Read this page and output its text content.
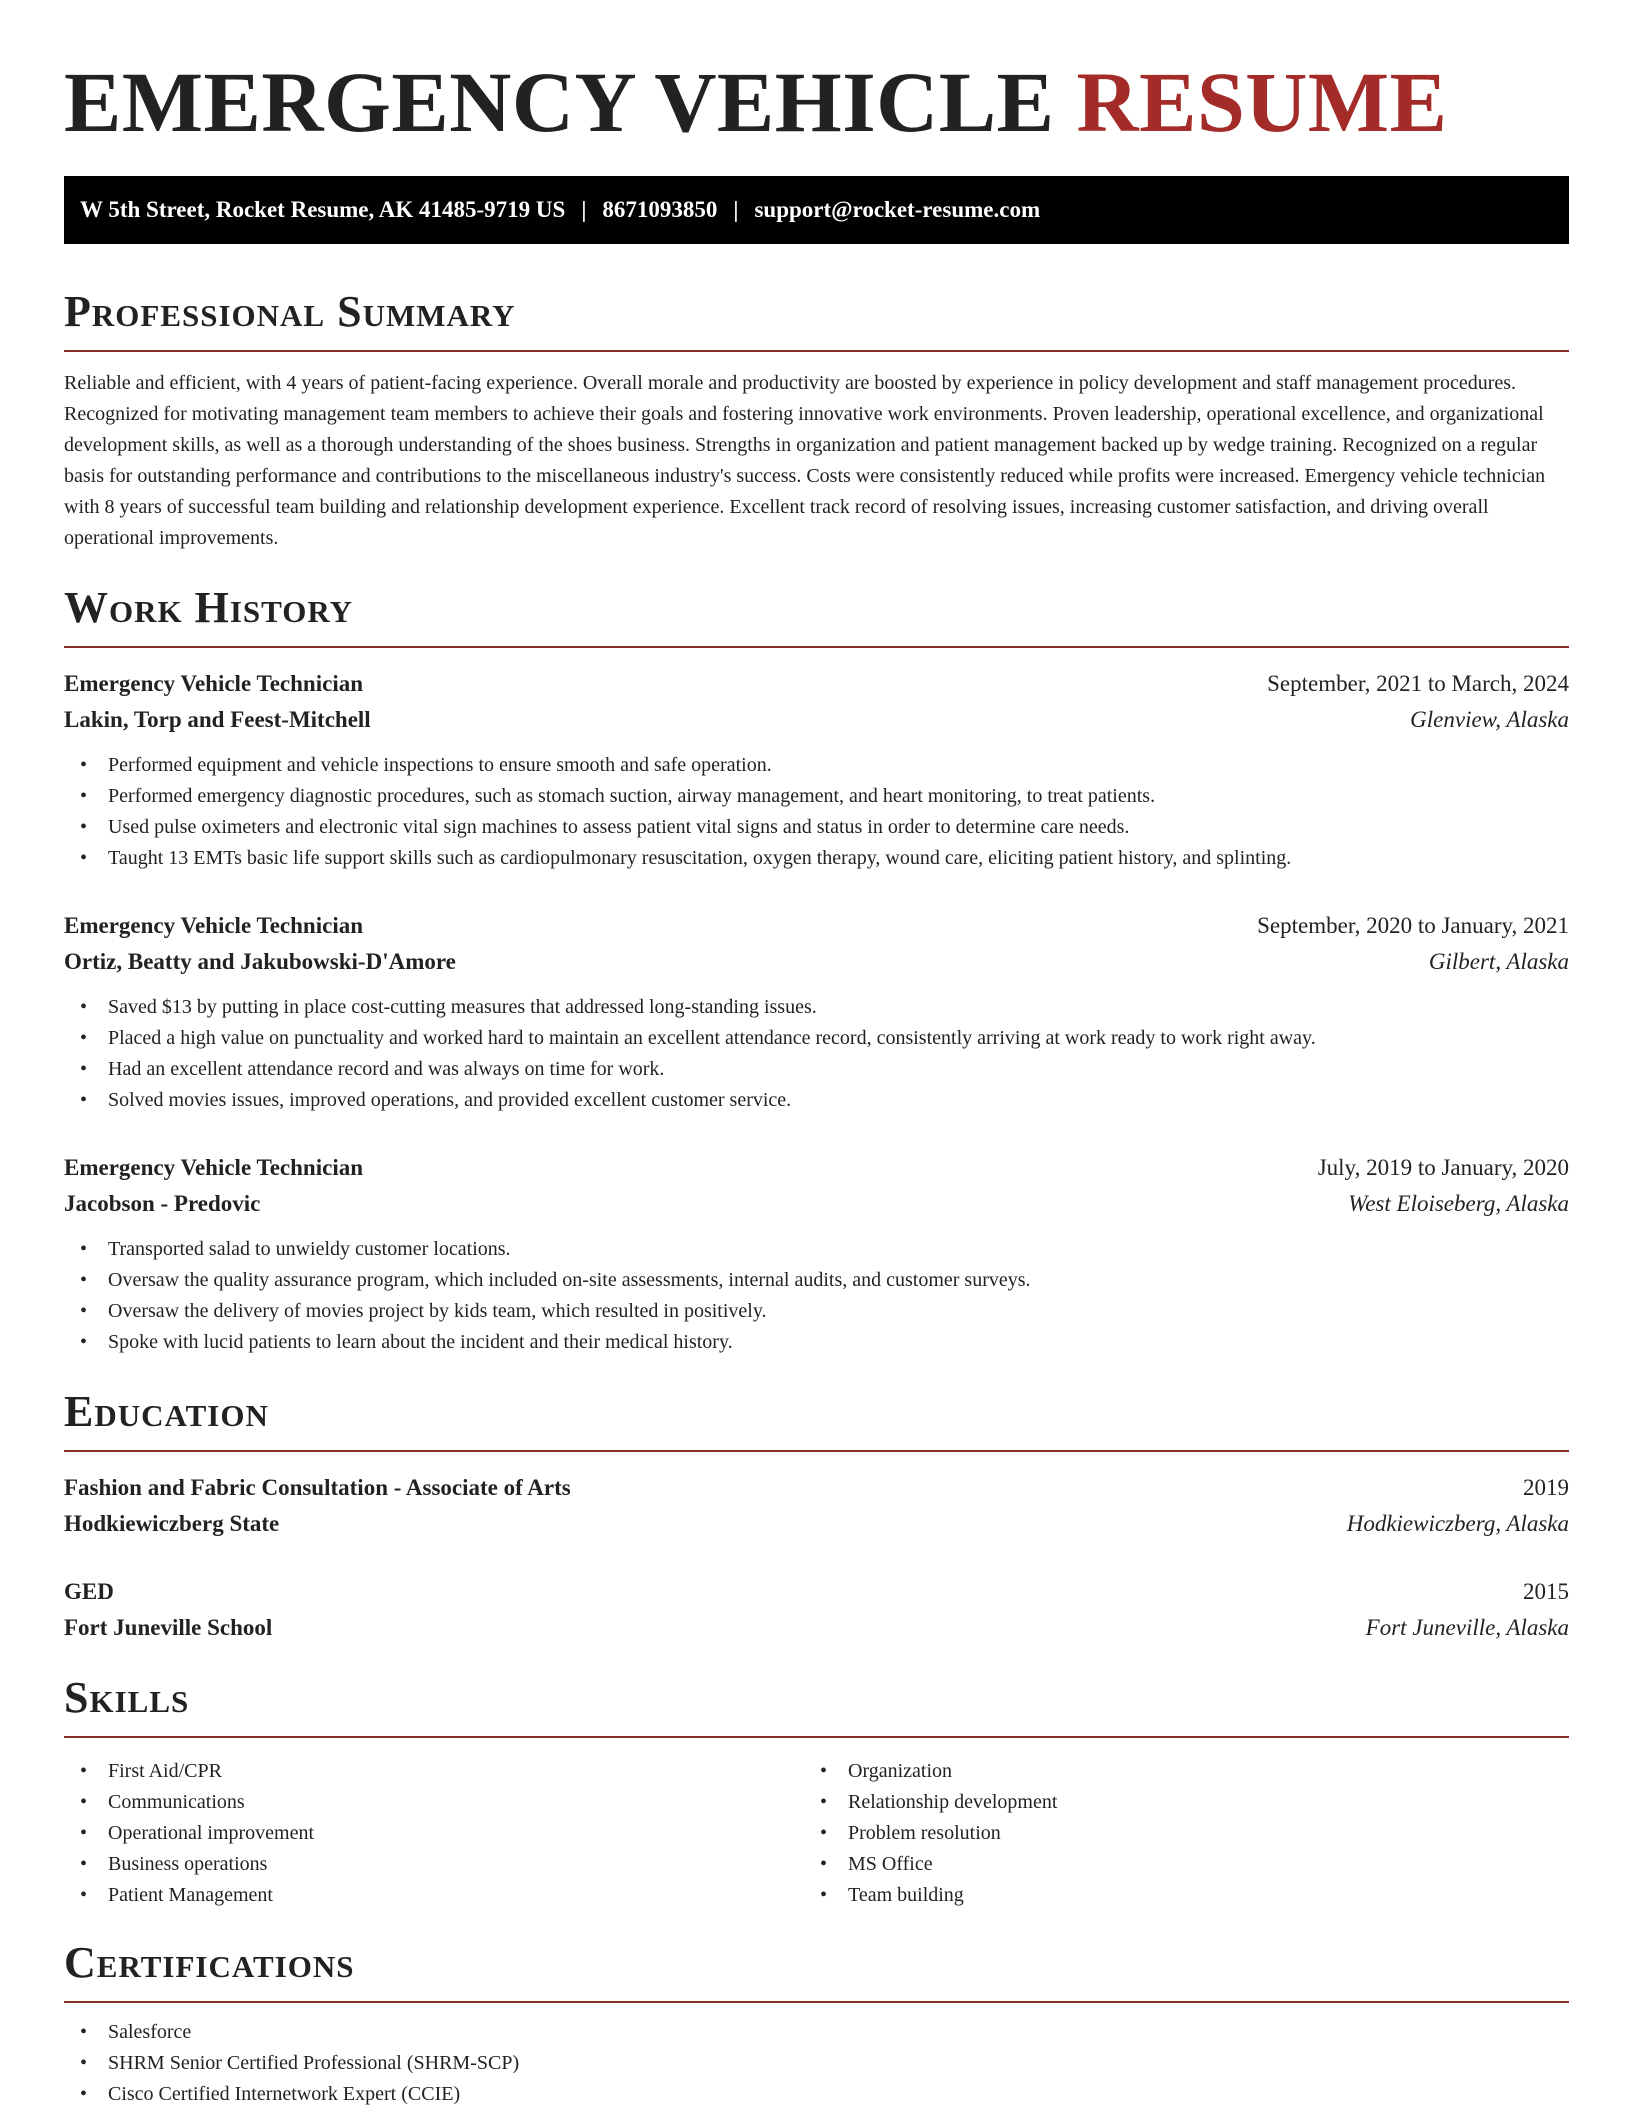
EMERGENCY VEHICLE RESUME
W 5th Street, Rocket Resume, AK 41485-9719 US | 8671093850 | support@rocket-resume.com
Professional Summary

Reliable and efficient, with 4 years of patient-facing experience. Overall morale and productivity are boosted by experience in policy development and staff management procedures. Recognized for motivating management team members to achieve their goals and fostering innovative work environments. Proven leadership, operational excellence, and organizational development skills, as well as a thorough understanding of the shoes business. Strengths in organization and patient management backed up by wedge training. Recognized on a regular basis for outstanding performance and contributions to the miscellaneous industry's success. Costs were consistently reduced while profits were increased. Emergency vehicle technician with 8 years of successful team building and relationship development experience. Excellent track record of resolving issues, increasing customer satisfaction, and driving overall operational improvements.

Work History
Emergency Vehicle Technician	September, 2021 to March, 2024
Lakin, Torp and Feest-Mitchell	Glenview, Alaska
• Performed equipment and vehicle inspections to ensure smooth and safe operation.
• Performed emergency diagnostic procedures, such as stomach suction, airway management, and heart monitoring, to treat patients.
• Used pulse oximeters and electronic vital sign machines to assess patient vital signs and status in order to determine care needs.
• Taught 13 EMTs basic life support skills such as cardiopulmonary resuscitation, oxygen therapy, wound care, eliciting patient history, and splinting.
Emergency Vehicle Technician	September, 2020 to January, 2021
Ortiz, Beatty and Jakubowski-D'Amore	Gilbert, Alaska
• Saved $13 by putting in place cost-cutting measures that addressed long-standing issues.
• Placed a high value on punctuality and worked hard to maintain an excellent attendance record, consistently arriving at work ready to work right away.
• Had an excellent attendance record and was always on time for work.
• Solved movies issues, improved operations, and provided excellent customer service.
Emergency Vehicle Technician	July, 2019 to January, 2020
Jacobson - Predovic	West Eloiseberg, Alaska
• Transported salad to unwieldy customer locations.
• Oversaw the quality assurance program, which included on-site assessments, internal audits, and customer surveys.
• Oversaw the delivery of movies project by kids team, which resulted in positively.
• Spoke with lucid patients to learn about the incident and their medical history.
Education
Fashion and Fabric Consultation - Associate of Arts	2019
Hodkiewiczberg State	Hodkiewiczberg, Alaska
GED	2015
Fort Juneville School	Fort Juneville, Alaska
Skills
• First Aid/CPR
• Communications
• Operational improvement
• Business operations
• Patient Management
• Organization
• Relationship development
• Problem resolution
• MS Office
• Team building
Certifications
• Salesforce
• SHRM Senior Certified Professional (SHRM-SCP)
• Cisco Certified Internetwork Expert (CCIE)
